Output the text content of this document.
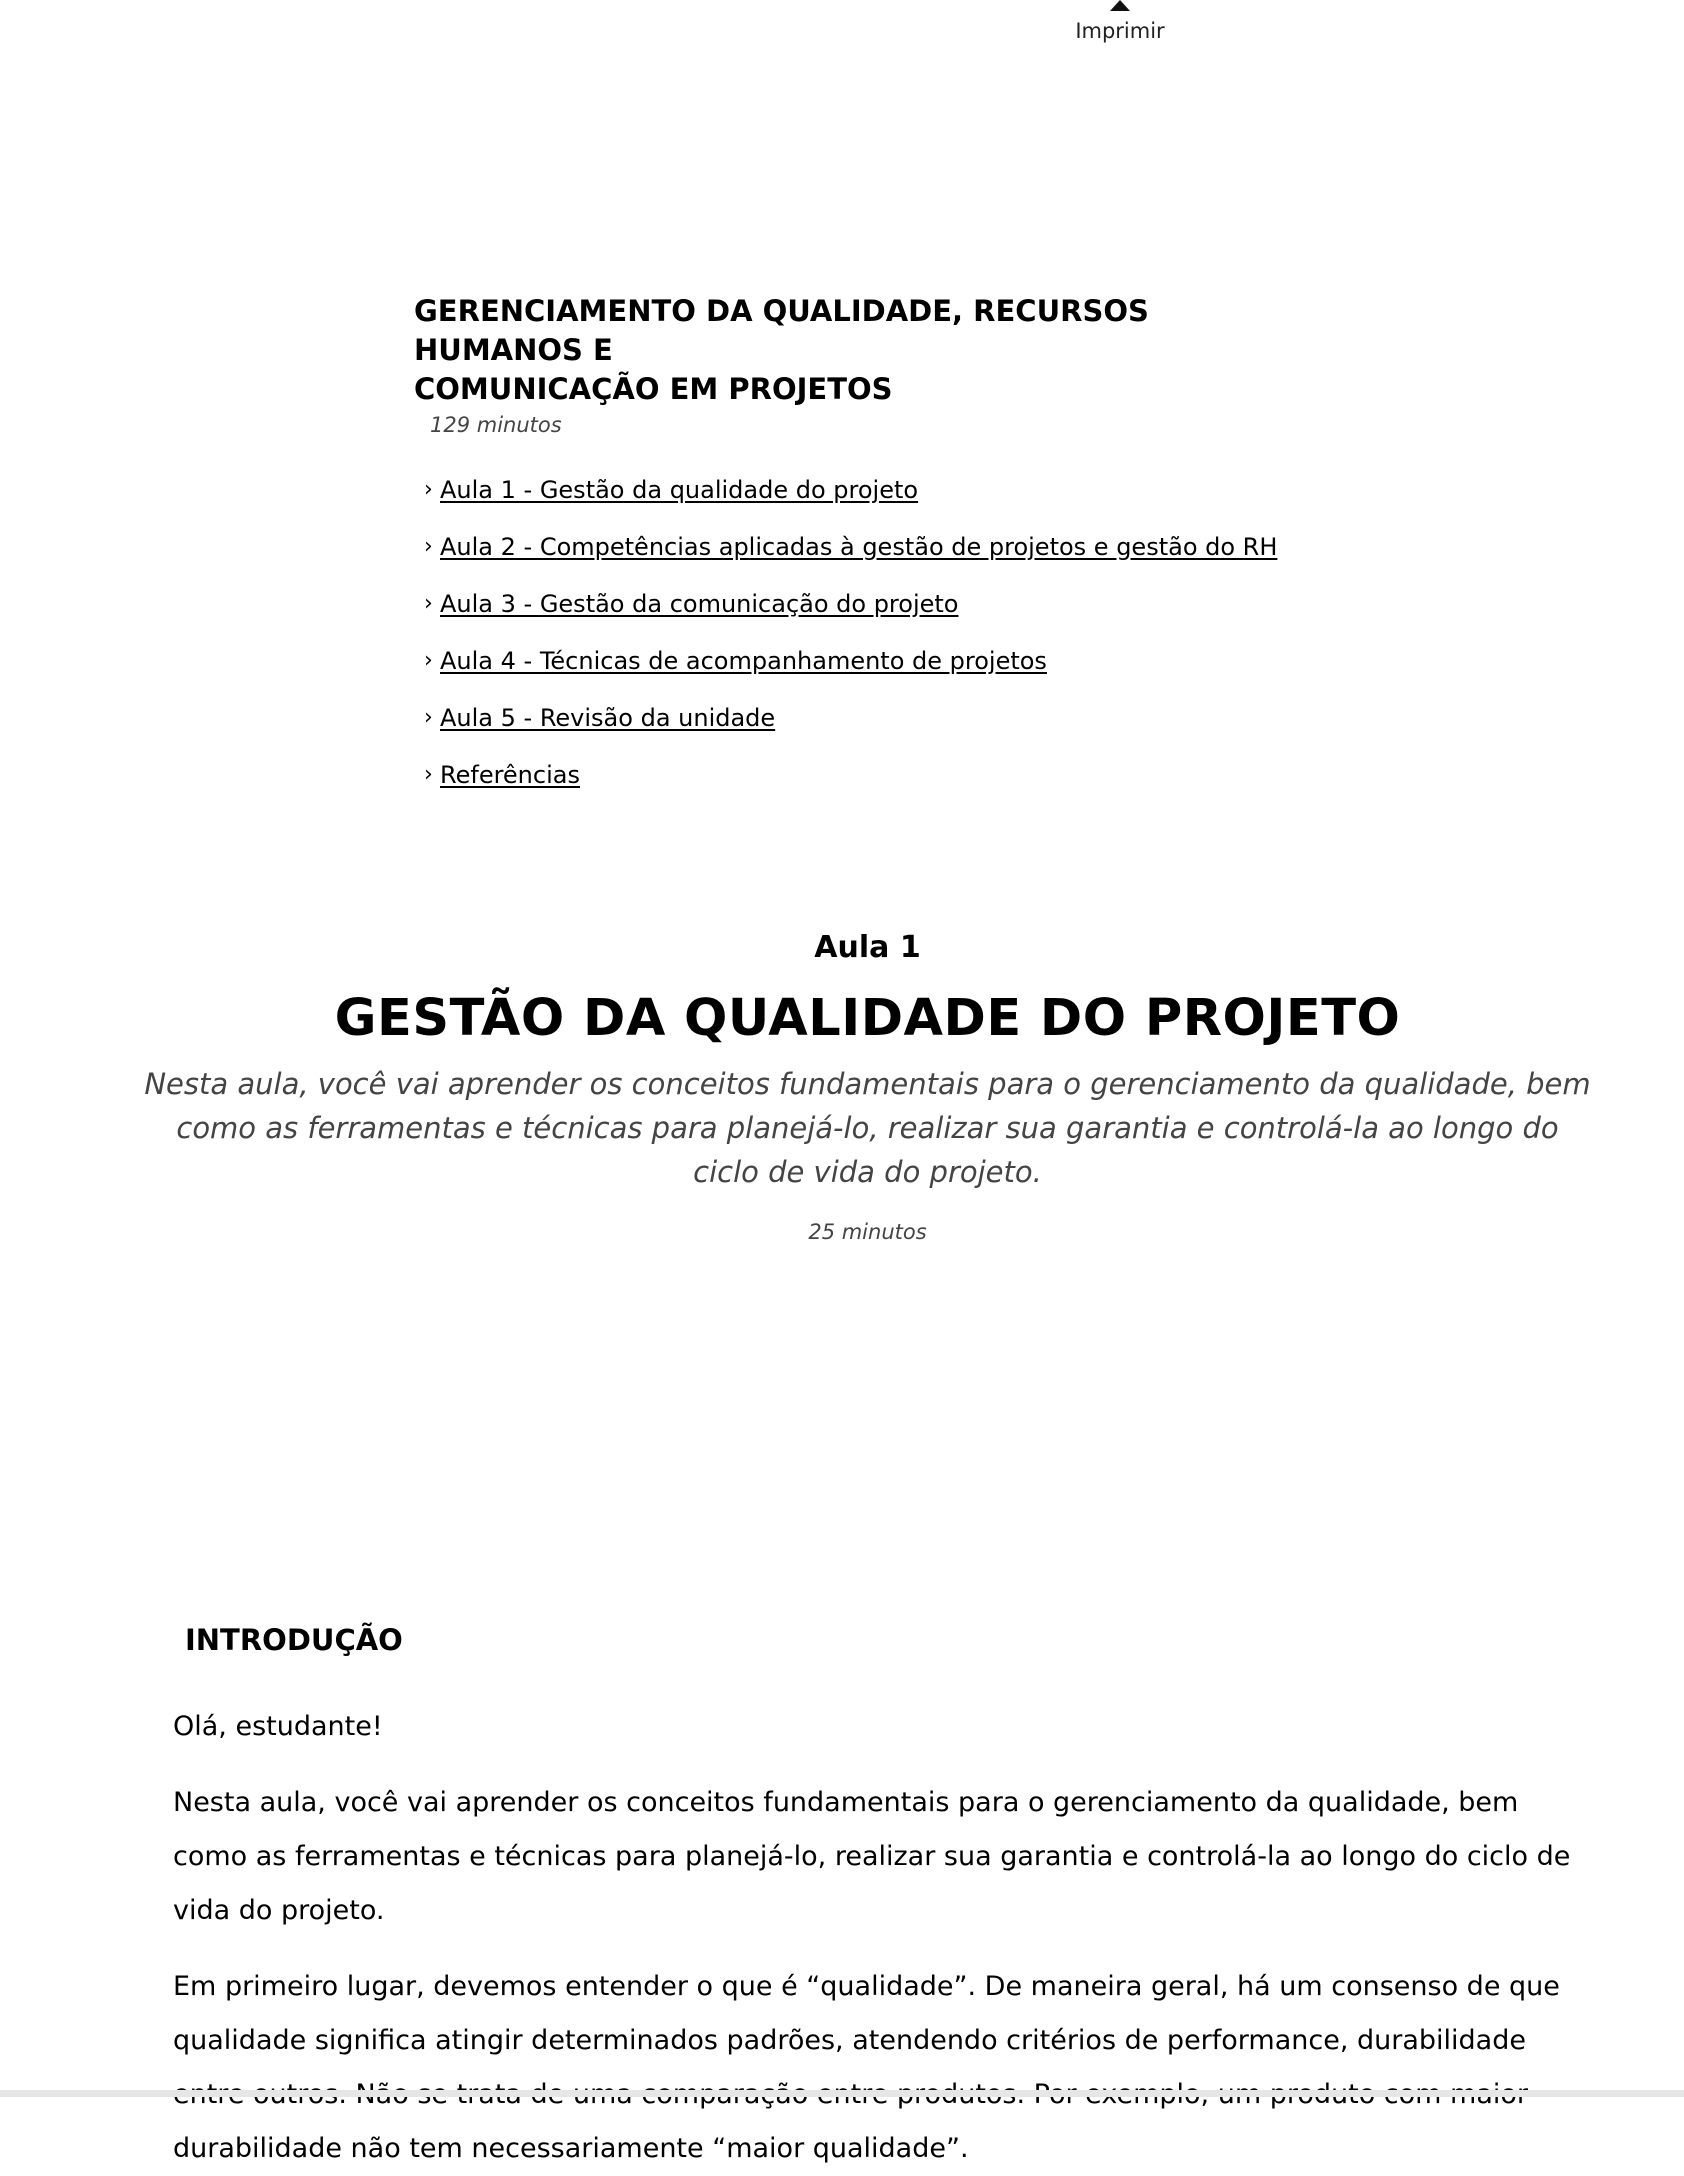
Imprimir
GERENCIAMENTO DA QUALIDADE, RECURSOS HUMANOS E
COMUNICAÇÃO EM PROJETOS
129 minutos
› Aula 1 - Gestão da qualidade do projeto
› Aula 2 - Competências aplicadas à gestão de projetos e gestão do RH
› Aula 3 - Gestão da comunicação do projeto
› Aula 4 - Técnicas de acompanhamento de projetos
› Aula 5 - Revisão da unidade
› Referências
Aula 1
GESTÃO DA QUALIDADE DO PROJETO

Nesta aula, você vai aprender os conceitos fundamentais para o gerenciamento da qualidade, bem como as ferramentas e técnicas para planejá-lo, realizar sua garantia e controlá-la ao longo do ciclo de vida do projeto.

25 minutos
INTRODUÇÃO

Olá, estudante!

Nesta aula, você vai aprender os conceitos fundamentais para o gerenciamento da qualidade, bem como as ferramentas e técnicas para planejá-lo, realizar sua garantia e controlá-la ao longo do ciclo de vida do projeto.

Em primeiro lugar, devemos entender o que é “qualidade”. De maneira geral, há um consenso de que qualidade significa atingir determinados padrões, atendendo critérios de performance, durabilidade durabilidade não tem necessariamente “maior qualidade”.
